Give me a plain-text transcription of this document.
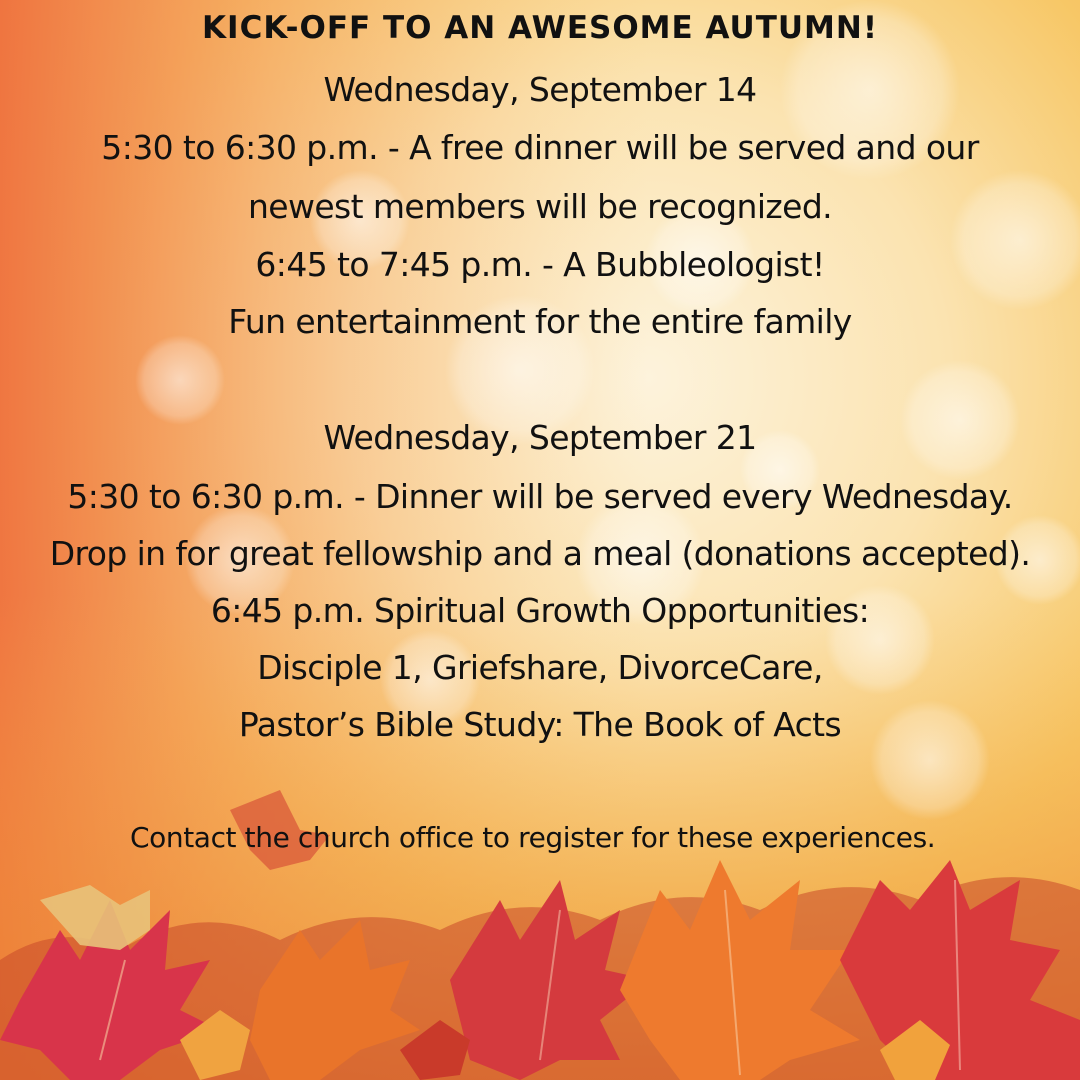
KICK-OFF TO AN AWESOME AUTUMN!
Wednesday, September 14
5:30 to 6:30 p.m. - A free dinner will be served and our
newest members will be recognized.
6:45 to 7:45 p.m. - A Bubbleologist!
Fun entertainment for the entire family
Wednesday, September 21
5:30 to 6:30 p.m. - Dinner will be served every Wednesday.
Drop in for great fellowship and a meal (donations accepted).
6:45 p.m. Spiritual Growth Opportunities:
Disciple 1, Griefshare, DivorceCare,
Pastor’s Bible Study: The Book of Acts
Contact the church office to register for these experiences.
